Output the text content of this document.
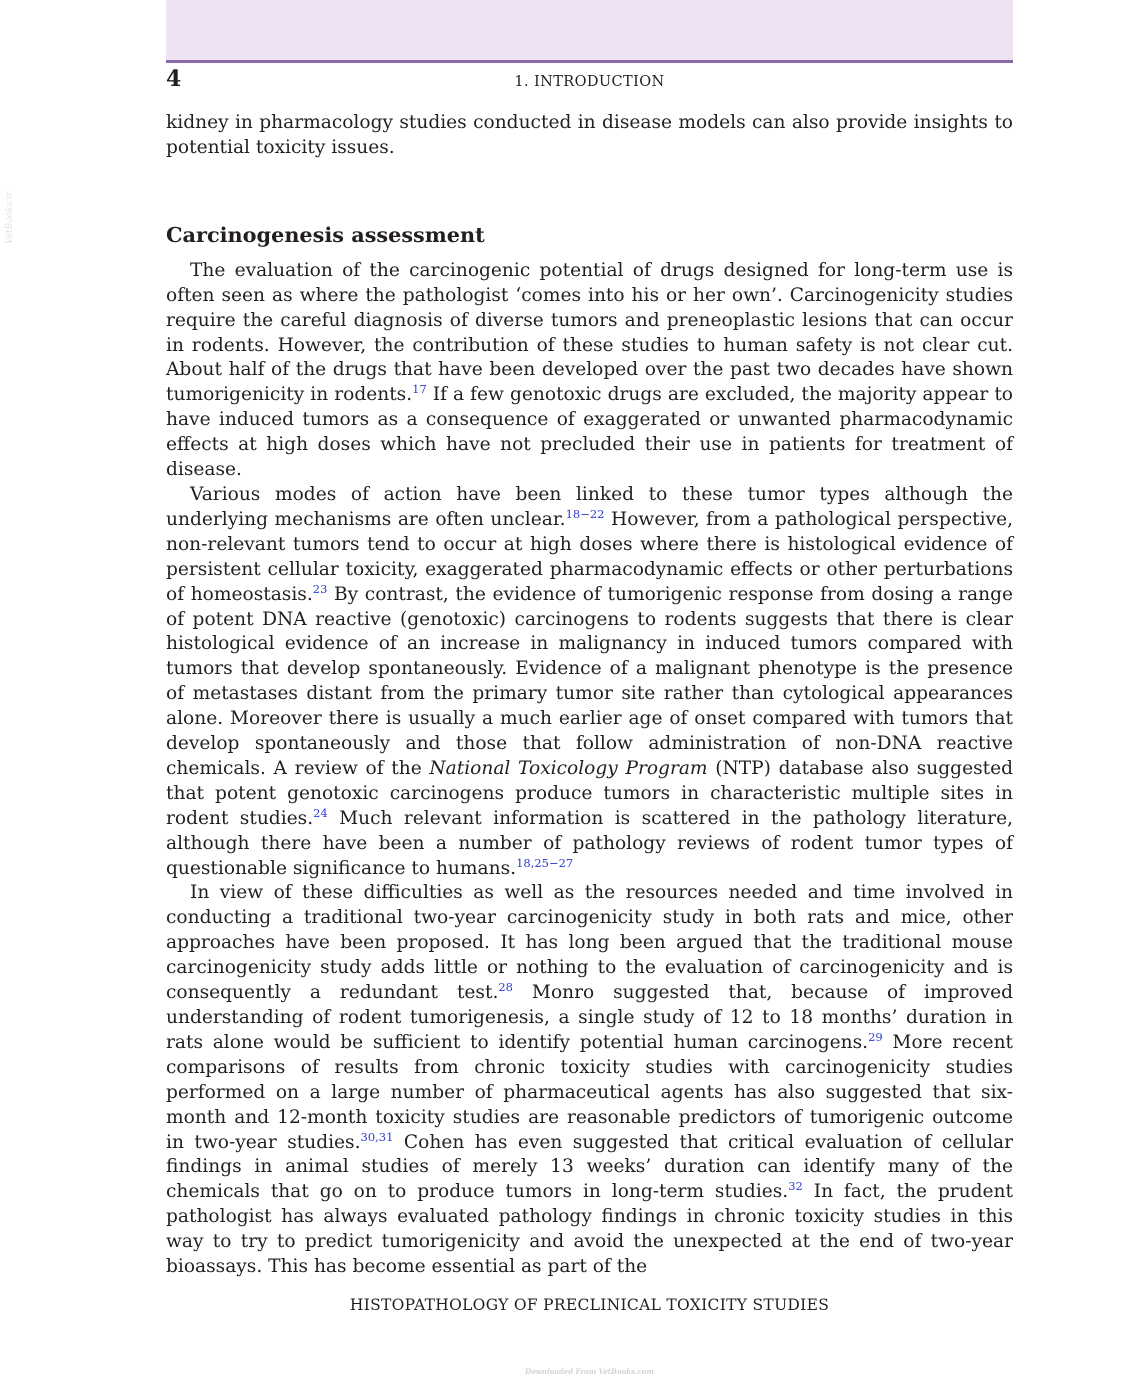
4	1. INTRODUCTION
VetBooks.ir

kidney in pharmacology studies conducted in disease models can also provide insights to potential toxicity issues.

Carcinogenesis assessment

The evaluation of the carcinogenic potential of drugs designed for long-term use is often seen as where the pathologist ‘comes into his or her own’. Carcinogenicity studies require the careful diagnosis of diverse tumors and preneoplastic lesions that can occur in rodents. However, the contribution of these studies to human safety is not clear cut. About half of the drugs that have been developed over the past two decades have shown tumorigenicity in rodents.$^{17}$ If a few genotoxic drugs are excluded, the majority appear to have induced tumors as a consequence of exaggerated or unwanted pharmacodynamic effects at high doses which have not precluded their use in patients for treatment of disease.

Various modes of action have been linked to these tumor types although the underlying mechanisms are often unclear.$^{18-22}$ However, from a pathological perspective, non-relevant tumors tend to occur at high doses where there is histological evidence of persistent cellular toxicity, exaggerated pharmacodynamic effects or other perturbations of homeostasis.$^{23}$ By contrast, the evidence of tumorigenic response from dosing a range of potent DNA reactive (genotoxic) carcinogens to rodents suggests that there is clear histological evidence of an increase in malignancy in induced tumors compared with tumors that develop spontaneously. Evidence of a malignant phenotype is the presence of metastases distant from the primary tumor site rather than cytological appearances alone. Moreover there is usually a much earlier age of onset compared with tumors that develop spontaneously and those that follow administration of non-DNA reactive chemicals. A review of the National Toxicology Program (NTP) database also suggested that potent genotoxic carcinogens produce tumors in characteristic multiple sites in rodent studies.$^{24}$ Much relevant information is scattered in the pathology literature, although there have been a number of pathology reviews of rodent tumor types of questionable significance to humans.$^{18,25-27}$

In view of these difficulties as well as the resources needed and time involved in conducting a traditional two-year carcinogenicity study in both rats and mice, other approaches have been proposed. It has long been argued that the traditional mouse carcinogenicity study adds little or nothing to the evaluation of carcinogenicity and is consequently a redundant test.$^{28}$ Monro suggested that, because of improved understanding of rodent tumorigenesis, a single study of 12 to 18 months’ duration in rats alone would be sufficient to identify potential human carcinogens.$^{29}$ More recent comparisons of results from chronic toxicity studies with carcinogenicity studies performed on a large number of pharmaceutical agents has also suggested that six-month and 12-month toxicity studies are reasonable predictors of tumorigenic outcome in two-year studies.$^{30,31}$ Cohen has even suggested that critical evaluation of cellular findings in animal studies of merely 13 weeks’ duration can identify many of the chemicals that go on to produce tumors in long-term studies.$^{32}$ In fact, the prudent pathologist has always evaluated pathology findings in chronic toxicity studies in this way to try to predict tumorigenicity and avoid the unexpected at the end of two-year bioassays. This has become essential as part of the

HISTOPATHOLOGY OF PRECLINICAL TOXICITY STUDIES
Downloaded From VetBooks.com
